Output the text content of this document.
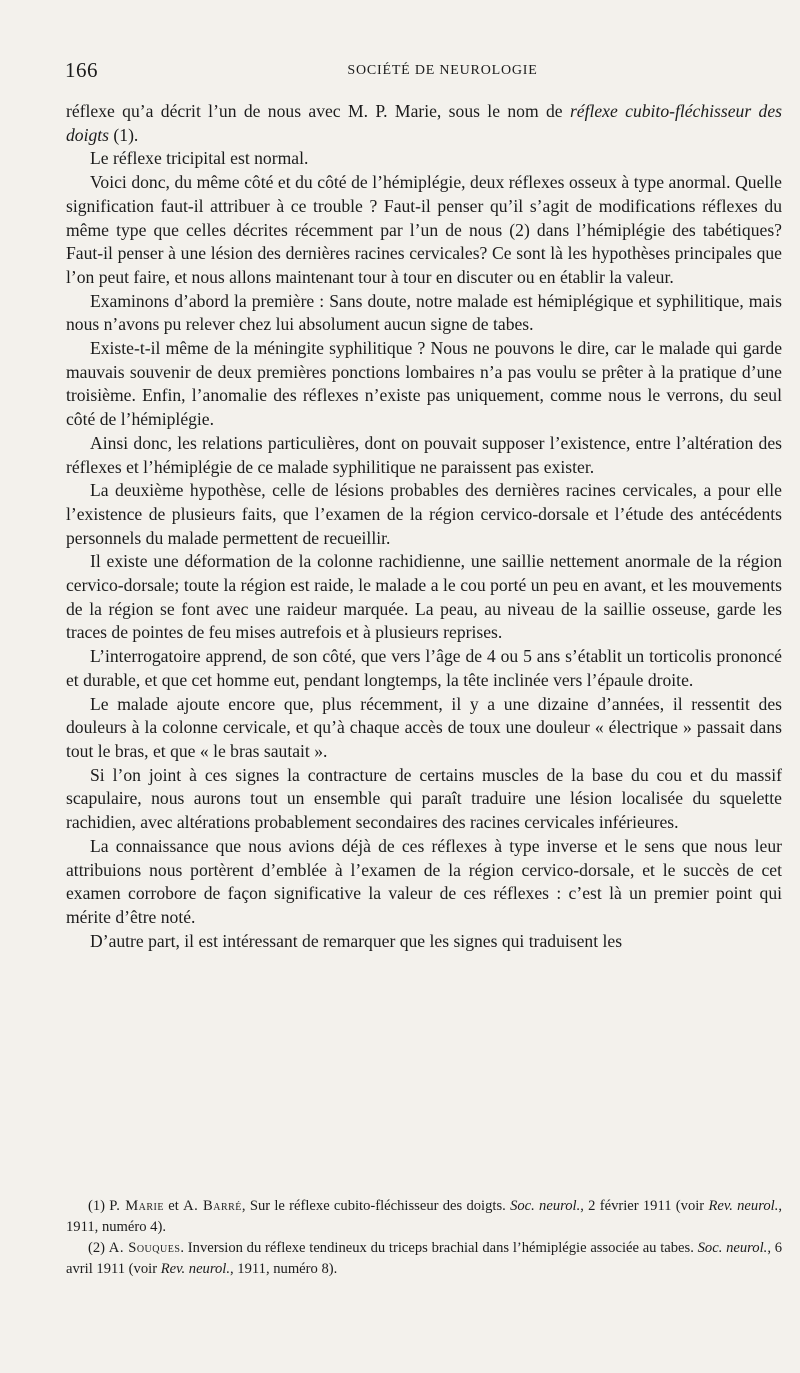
166	SOCIÉTÉ DE NEUROLOGIE

réflexe qu’a décrit l’un de nous avec M. P. Marie, sous le nom de réflexe cubito-fléchisseur des doigts (1).

Le réflexe tricipital est normal.

Voici donc, du même côté et du côté de l’hémiplégie, deux réflexes osseux à type anormal. Quelle signification faut-il attribuer à ce trouble ? Faut-il penser qu’il s’agit de modifications réflexes du même type que celles décrites récemment par l’un de nous (2) dans l’hémiplégie des tabétiques? Faut-il penser à une lésion des dernières racines cervicales? Ce sont là les hypothèses principales que l’on peut faire, et nous allons maintenant tour à tour en discuter ou en établir la valeur.

Examinons d’abord la première : Sans doute, notre malade est hémiplégique et syphilitique, mais nous n’avons pu relever chez lui absolument aucun signe de tabes.

Existe-t-il même de la méningite syphilitique ? Nous ne pouvons le dire, car le malade qui garde mauvais souvenir de deux premières ponctions lombaires n’a pas voulu se prêter à la pratique d’une troisième. Enfin, l’anomalie des réflexes n’existe pas uniquement, comme nous le verrons, du seul côté de l’hémiplégie.

Ainsi donc, les relations particulières, dont on pouvait supposer l’existence, entre l’altération des réflexes et l’hémiplégie de ce malade syphilitique ne paraissent pas exister.

La deuxième hypothèse, celle de lésions probables des dernières racines cervicales, a pour elle l’existence de plusieurs faits, que l’examen de la région cervico-dorsale et l’étude des antécédents personnels du malade permettent de recueillir.

Il existe une déformation de la colonne rachidienne, une saillie nettement anormale de la région cervico-dorsale; toute la région est raide, le malade a le cou porté un peu en avant, et les mouvements de la région se font avec une raideur marquée. La peau, au niveau de la saillie osseuse, garde les traces de pointes de feu mises autrefois et à plusieurs reprises.

L’interrogatoire apprend, de son côté, que vers l’âge de 4 ou 5 ans s’établit un torticolis prononcé et durable, et que cet homme eut, pendant longtemps, la tête inclinée vers l’épaule droite.

Le malade ajoute encore que, plus récemment, il y a une dizaine d’années, il ressentit des douleurs à la colonne cervicale, et qu’à chaque accès de toux une douleur « électrique » passait dans tout le bras, et que « le bras sautait ».

Si l’on joint à ces signes la contracture de certains muscles de la base du cou et du massif scapulaire, nous aurons tout un ensemble qui paraît traduire une lésion localisée du squelette rachidien, avec altérations probablement secondaires des racines cervicales inférieures.

La connaissance que nous avions déjà de ces réflexes à type inverse et le sens que nous leur attribuions nous portèrent d’emblée à l’examen de la région cervico-dorsale, et le succès de cet examen corrobore de façon significative la valeur de ces réflexes : c’est là un premier point qui mérite d’être noté.

D’autre part, il est intéressant de remarquer que les signes qui traduisent les

(1) P. Marie et A. Barré, Sur le réflexe cubito-fléchisseur des doigts. Soc. neurol., 2 février 1911 (voir Rev. neurol., 1911, numéro 4).

(2) A. Souques. Inversion du réflexe tendineux du triceps brachial dans l’hémiplégie associée au tabes. Soc. neurol., 6 avril 1911 (voir Rev. neurol., 1911, numéro 8).
